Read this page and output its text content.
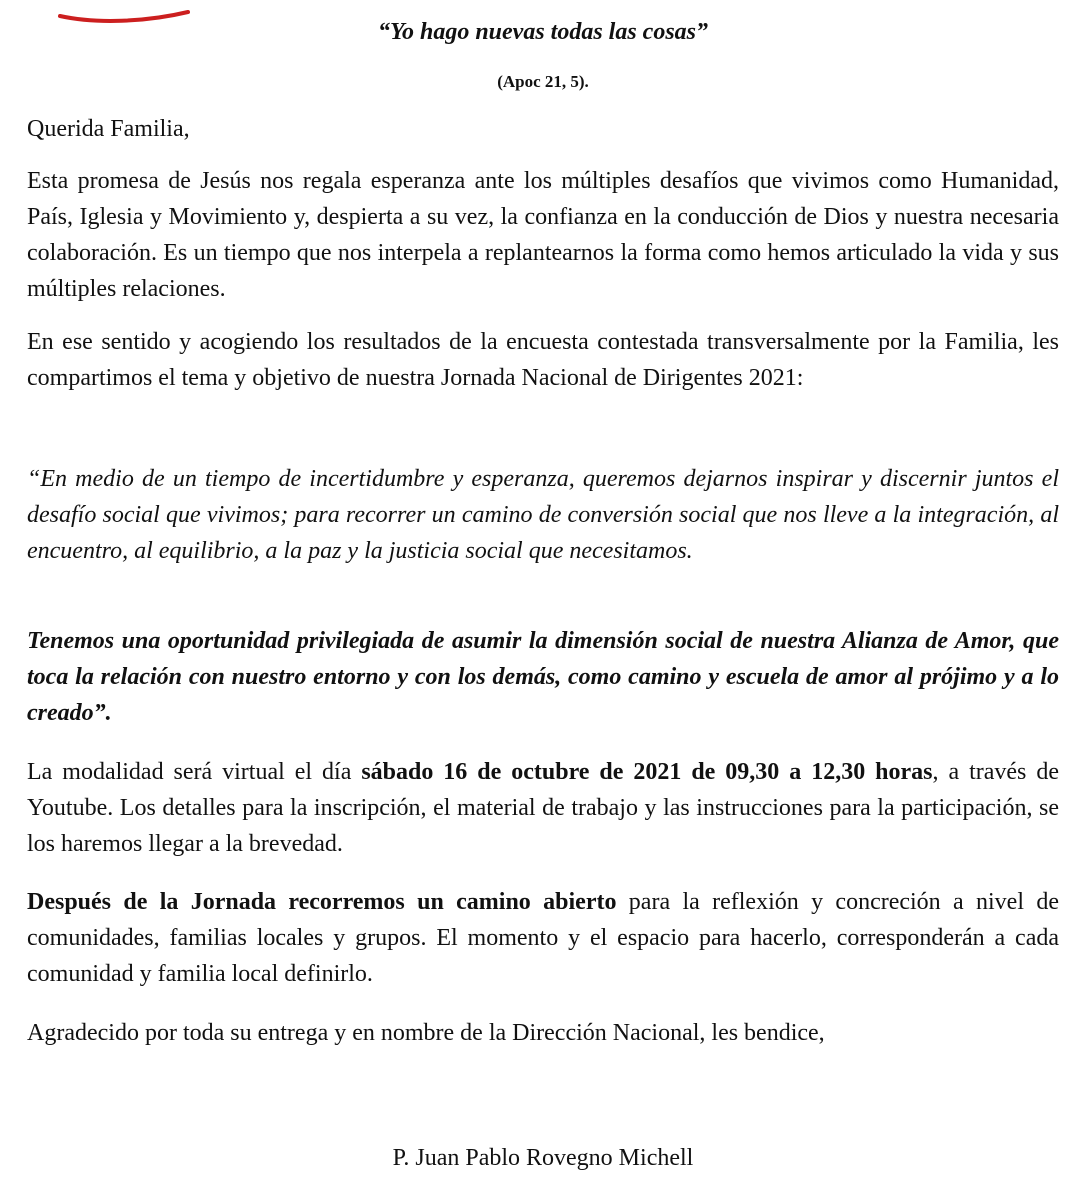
“Yo hago nuevas todas las cosas”

(Apoc 21, 5).

Querida Familia,

Esta promesa de Jesús nos regala esperanza ante los múltiples desafíos que vivimos como Humanidad, País, Iglesia y Movimiento y, despierta a su vez, la confianza en la conducción de Dios y nuestra necesaria colaboración. Es un tiempo que nos interpela a replantearnos la forma como hemos articulado la vida y sus múltiples relaciones.

En ese sentido y acogiendo los resultados de la encuesta contestada transversalmente por la Familia, les compartimos el tema y objetivo de nuestra Jornada Nacional de Dirigentes 2021:

“En medio de un tiempo de incertidumbre y esperanza, queremos dejarnos inspirar y discernir juntos el desafío social que vivimos; para recorrer un camino de conversión social que nos lleve a la integración, al encuentro, al equilibrio, a la paz y la justicia social que necesitamos.

Tenemos una oportunidad privilegiada de asumir la dimensión social de nuestra Alianza de Amor, que toca la relación con nuestro entorno y con los demás, como camino y escuela de amor al prójimo y a lo creado”.

La modalidad será virtual el día sábado 16 de octubre de 2021 de 09,30 a 12,30 horas, a través de Youtube. Los detalles para la inscripción, el material de trabajo y las instrucciones para la participación, se los haremos llegar a la brevedad.

Después de la Jornada recorremos un camino abierto para la reflexión y concreción a nivel de comunidades, familias locales y grupos. El momento y el espacio para hacerlo, corresponderán a cada comunidad y familia local definirlo.

Agradecido por toda su entrega y en nombre de la Dirección Nacional, les bendice,

P. Juan Pablo Rovegno Michell
